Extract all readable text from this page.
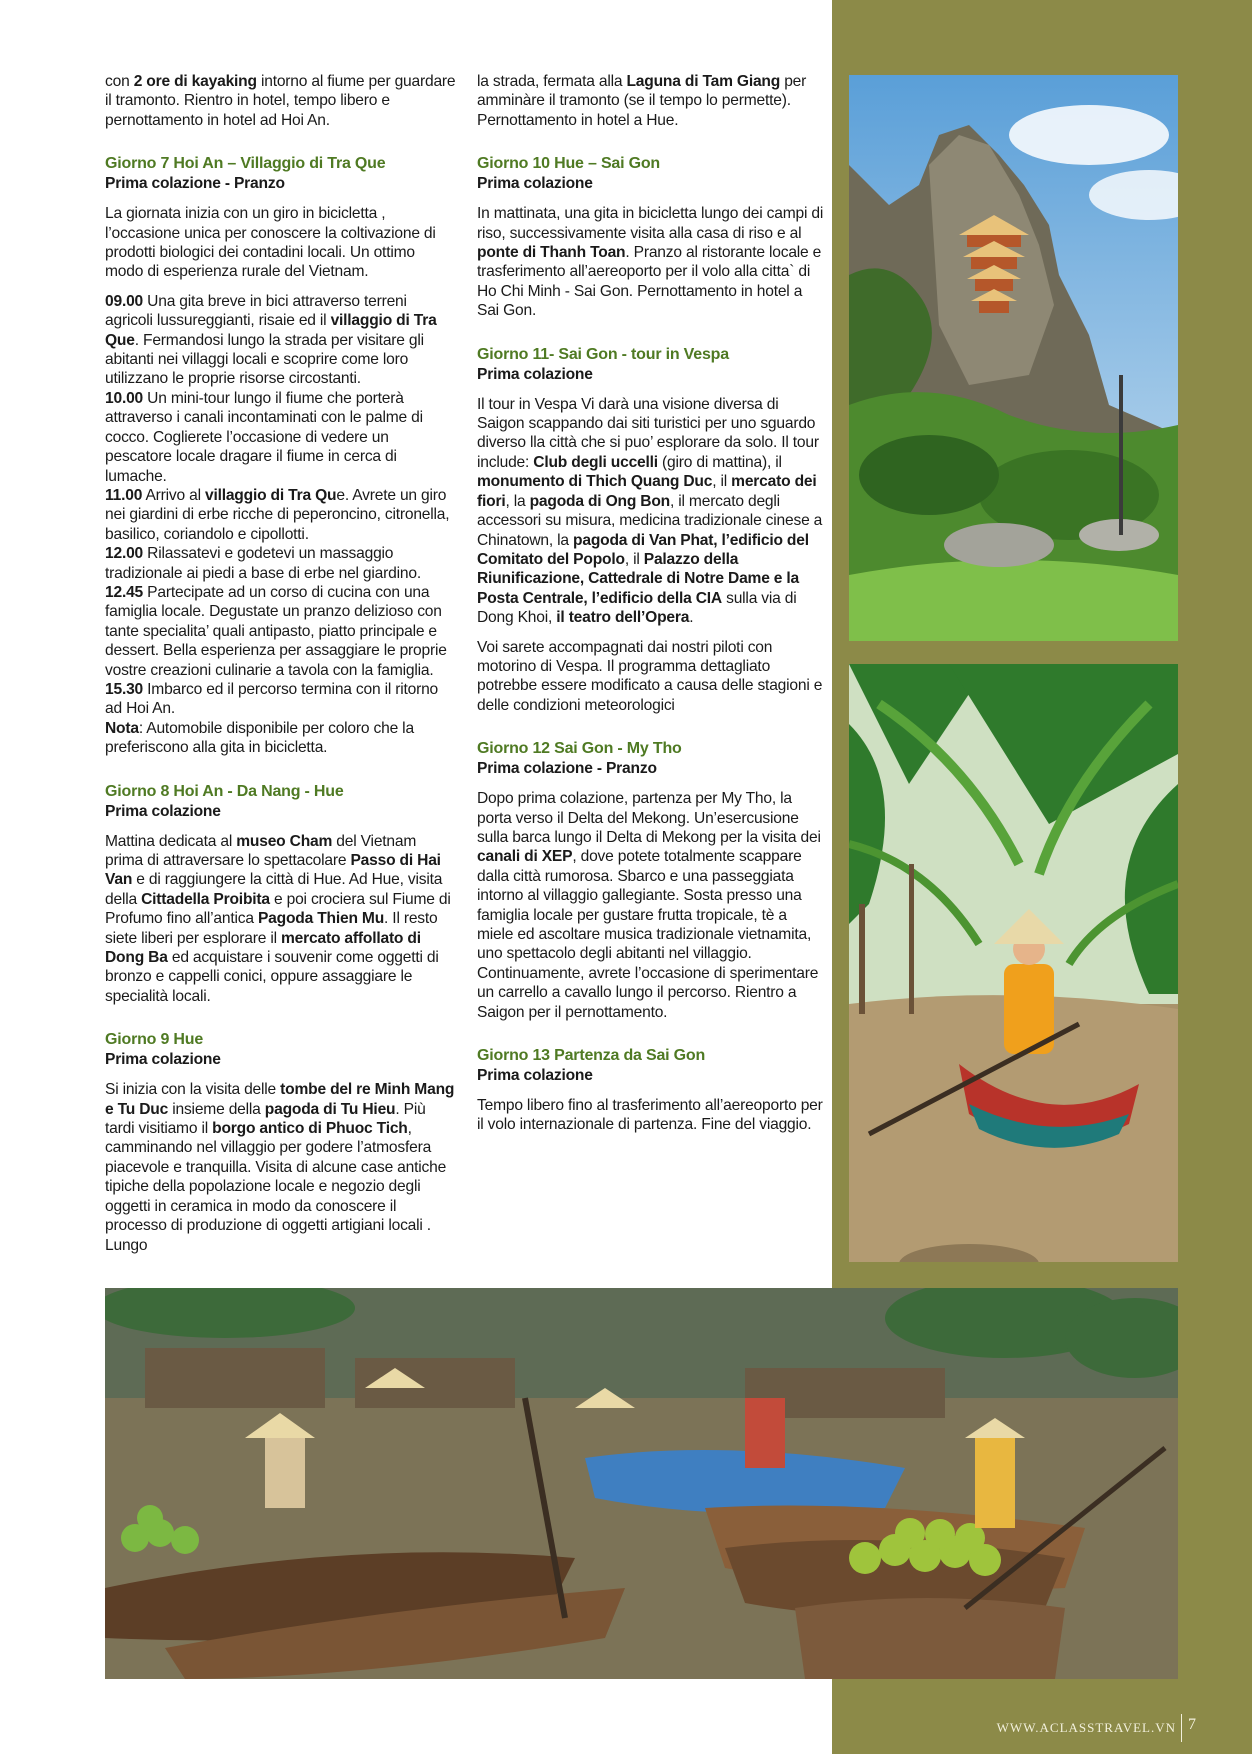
con 2 ore di kayaking intorno al fiume per guardare il tramonto. Rientro in hotel, tempo libero e pernottamento in hotel ad Hoi An.

Giorno 7 Hoi An – Villaggio di Tra Que
Prima colazione - Pranzo

La giornata inizia con un giro in bicicletta , l’occasione unica per conoscere la coltivazione di prodotti biologici dei contadini locali. Un ottimo modo di esperienza rurale del Vietnam.

09.00 Una gita breve in bici attraverso terreni agricoli lussureggianti, risaie ed il villaggio di Tra Que. Fermandosi lungo la strada per visitare gli abitanti nei villaggi locali e scoprire come loro utilizzano le proprie risorse circostanti.

10.00 Un mini-tour lungo il fiume che porterà attraverso i canali incontaminati con le palme di cocco. Coglierete l’occasione di vedere un pescatore locale dragare il fiume in cerca di lumache.

11.00 Arrivo al villaggio di Tra Que. Avrete un giro nei giardini di erbe ricche di peperoncino, citronella, basilico, coriandolo e cipollotti.

12.00 Rilassatevi e godetevi un massaggio tradizionale ai piedi a base di erbe nel giardino.

12.45 Partecipate ad un corso di cucina con una famiglia locale. Degustate un pranzo delizioso con tante specialita’ quali antipasto, piatto principale e dessert. Bella esperienza per assaggiare le proprie vostre creazioni culinarie a tavola con la famiglia.

15.30 Imbarco ed il percorso termina con il ritorno ad Hoi An.

Nota: Automobile disponibile per coloro che la preferiscono alla gita in bicicletta.

Giorno 8 Hoi An - Da Nang - Hue
Prima colazione

Mattina dedicata al museo Cham del Vietnam prima di attraversare lo spettacolare Passo di Hai Van e di raggiungere la città di Hue. Ad Hue, visita della Cittadella Proibita e poi crociera sul Fiume di Profumo fino all’antica Pagoda Thien Mu. Il resto siete liberi per esplorare il mercato affollato di Dong Ba ed acquistare i souvenir come oggetti di bronzo e cappelli conici, oppure assaggiare le specialità locali.

Giorno 9 Hue
Prima colazione

Si inizia con la visita delle tombe del re Minh Mang e Tu Duc insieme della pagoda di Tu Hieu. Più tardi visitiamo il borgo antico di Phuoc Tich, camminando nel villaggio per godere l’atmosfera piacevole e tranquilla. Visita di alcune case antiche tipiche della popolazione locale e negozio degli oggetti in ceramica in modo da conoscere il processo di produzione di oggetti artigiani locali . Lungo

la strada, fermata alla Laguna di Tam Giang per amminàre il tramonto (se il tempo lo permette). Pernottamento in hotel a Hue.

Giorno 10 Hue – Sai Gon
Prima colazione

In mattinata, una gita in bicicletta lungo dei campi di riso, successivamente visita alla casa di riso e al ponte di Thanh Toan. Pranzo al ristorante locale e trasferimento all’aereoporto per il volo alla citta` di Ho Chi Minh - Sai Gon. Pernottamento in hotel a Sai Gon.

Giorno 11- Sai Gon - tour in Vespa
Prima colazione

Il tour in Vespa Vi darà una visione diversa di Saigon scappando dai siti turistici per uno sguardo diverso lla città che si puo’ esplorare da solo. Il tour include: Club degli uccelli (giro di mattina), il monumento di Thich Quang Duc, il mercato dei fiori, la pagoda di Ong Bon, il mercato degli accessori su misura, medicina tradizionale cinese a Chinatown, la pagoda di Van Phat, l’edificio del Comitato del Popolo, il Palazzo della Riunificazione, Cattedrale di Notre Dame e la Posta Centrale, l’edificio della CIA sulla via di Dong Khoi, il teatro dell’Opera.

Voi sarete accompagnati dai nostri piloti con motorino di Vespa. Il programma dettagliato potrebbe essere modificato a causa delle stagioni e delle condizioni meteorologici

Giorno 12 Sai Gon - My Tho
Prima colazione - Pranzo

Dopo prima colazione, partenza per My Tho, la porta verso il Delta del Mekong. Un’esercusione sulla barca lungo il Delta di Mekong per la visita dei canali di XEP, dove potete totalmente scappare dalla città rumorosa. Sbarco e una passeggiata intorno al villaggio gallegiante. Sosta presso una famiglia locale per gustare frutta tropicale, tè a miele ed ascoltare musica tradizionale vietnamita, uno spettacolo degli abitanti nel villaggio. Continuamente, avrete l’occasione di sperimentare un carrello a cavallo lungo il percorso. Rientro a Saigon per il pernottamento.

Giorno 13 Partenza da Sai Gon
Prima colazione

Tempo libero fino al trasferimento all’aereoporto per il volo internazionale di partenza. Fine del viaggio.

WWW.ACLASSTRAVEL.VN 7
